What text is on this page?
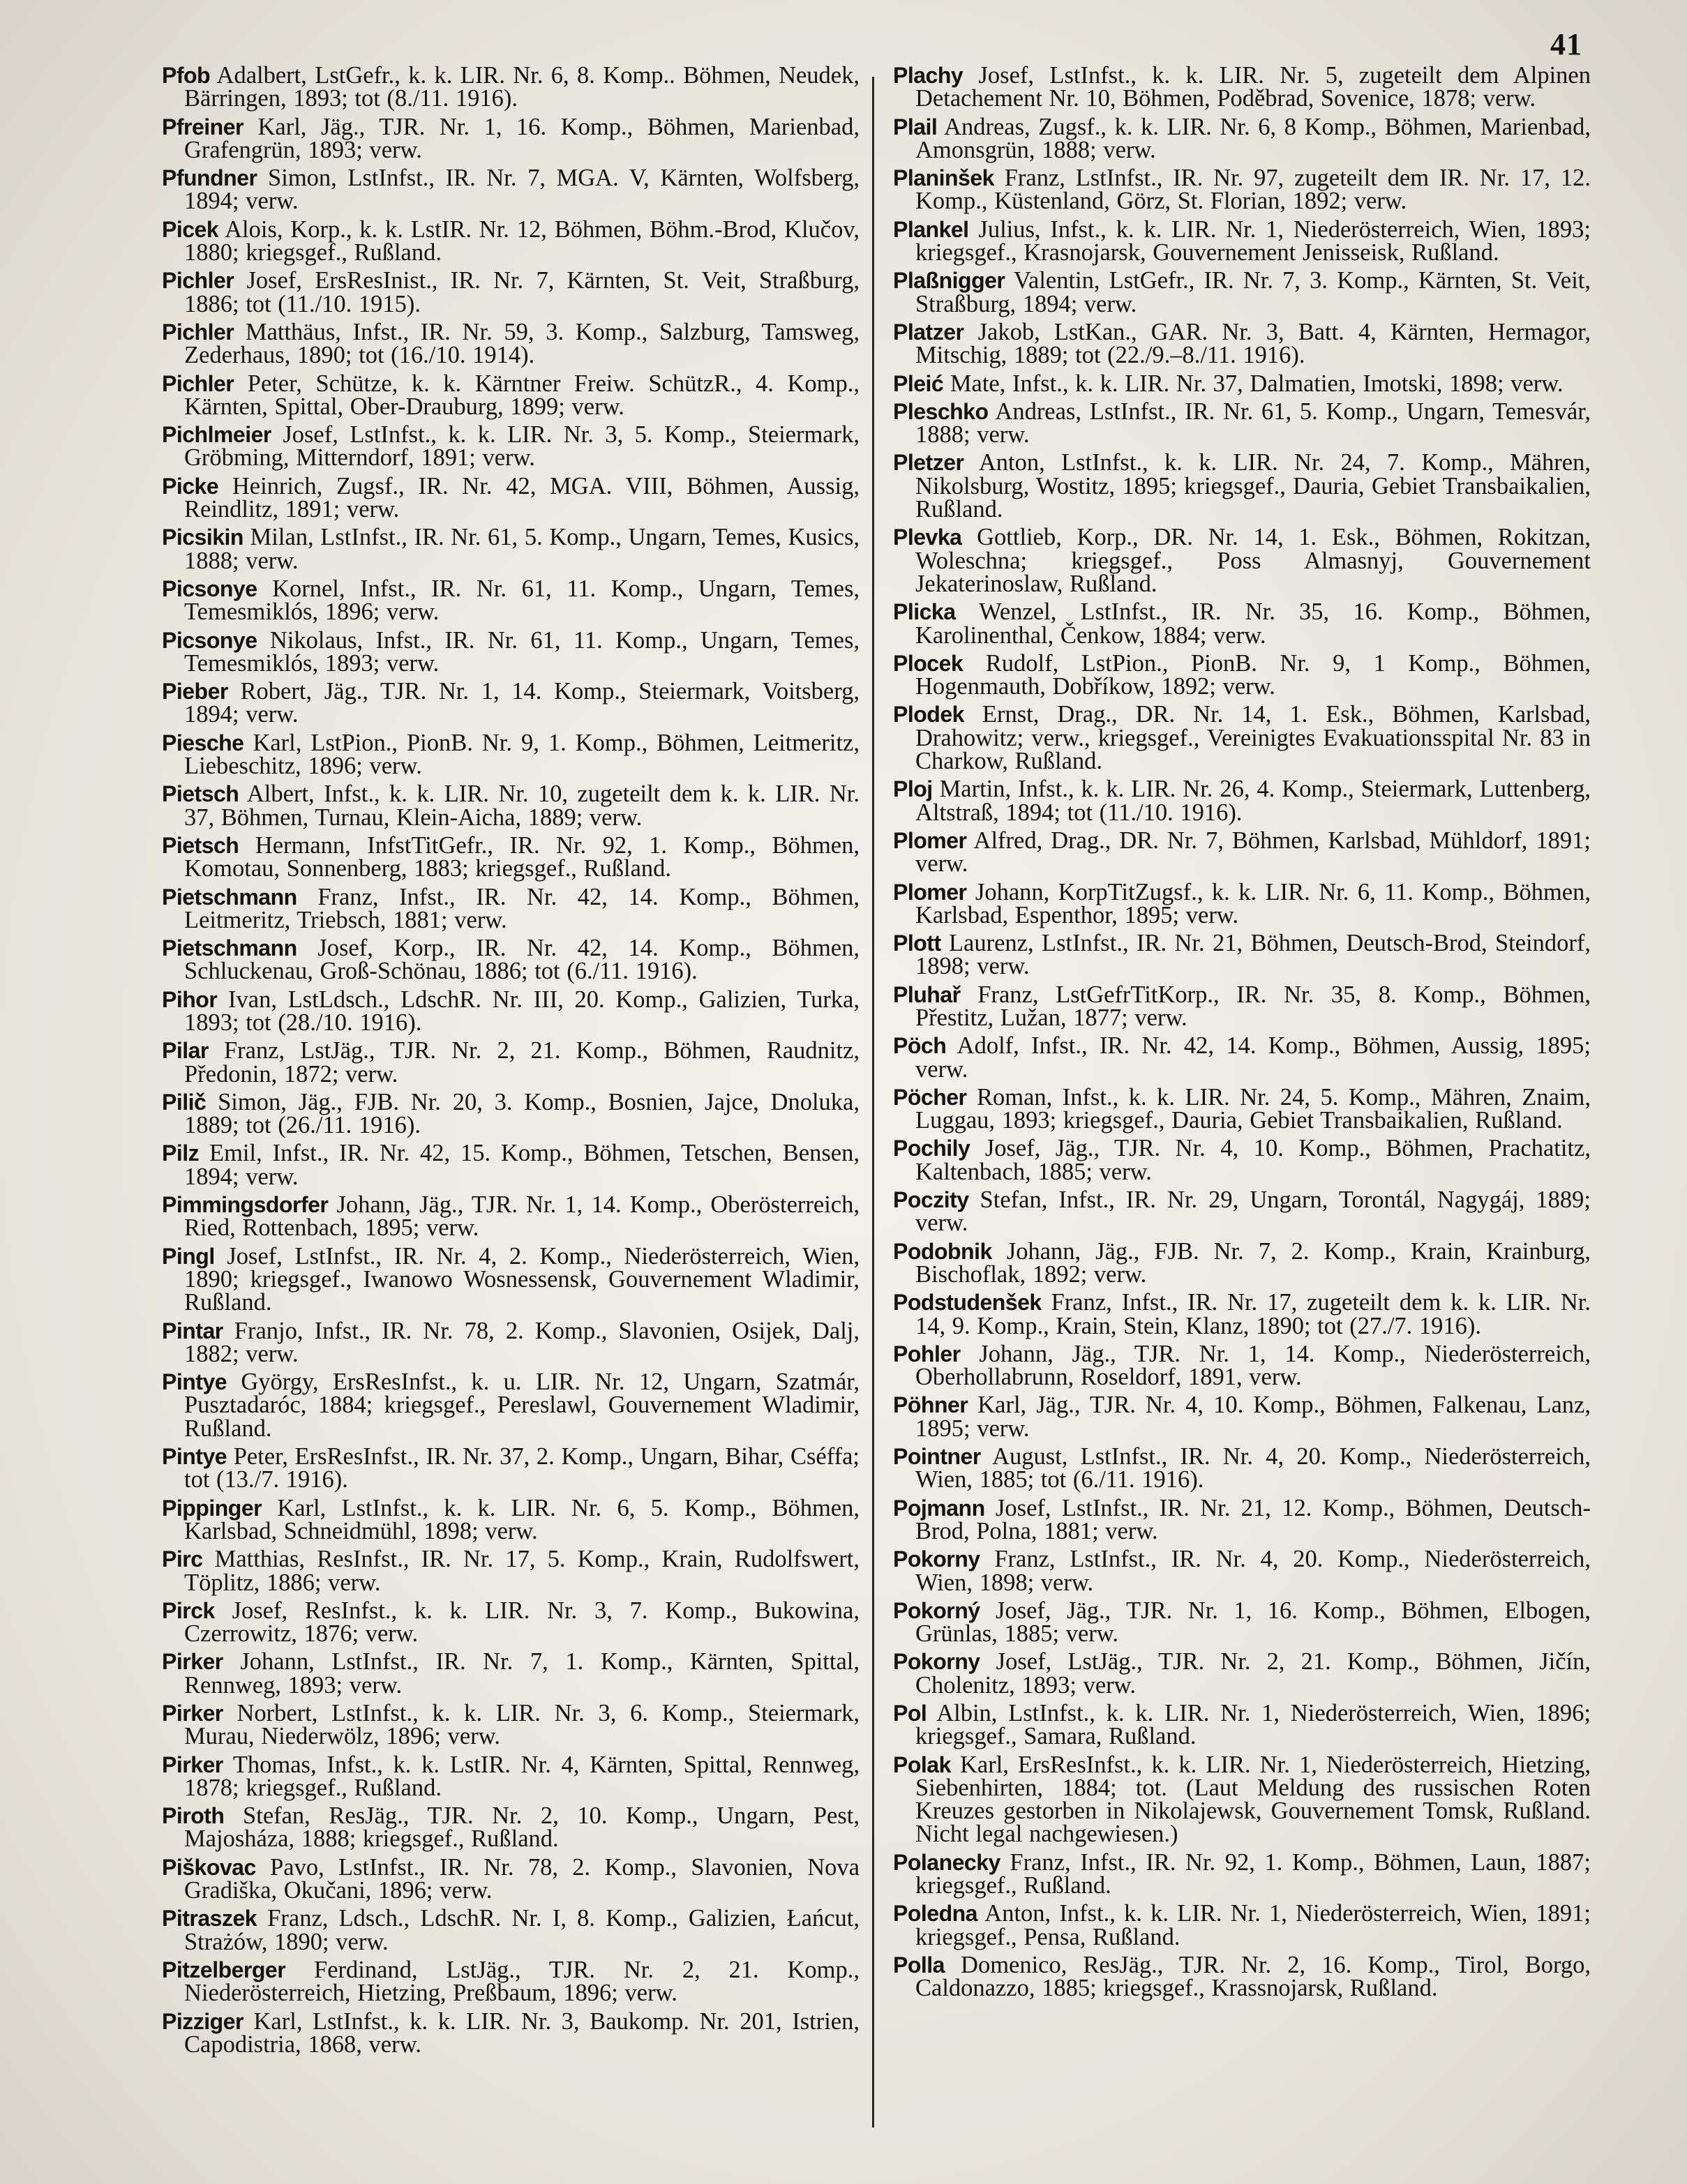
41

Pfob Adalbert, LstGefr., k. k. LIR. Nr. 6, 8. Komp.. Böhmen, Neudek, Bärringen, 1893; tot (8./11. 1916).

Pfreiner Karl, Jäg., TJR. Nr. 1, 16. Komp., Böhmen, Marienbad, Grafengrün, 1893; verw.

Pfundner Simon, LstInfst., IR. Nr. 7, MGA. V, Kärnten, Wolfsberg, 1894; verw.

Picek Alois, Korp., k. k. LstIR. Nr. 12, Böhmen, Böhm.-Brod, Klučov, 1880; kriegsgef., Rußland.

Pichler Josef, ErsResInist., IR. Nr. 7, Kärnten, St. Veit, Straßburg, 1886; tot (11./10. 1915).

Pichler Matthäus, Infst., IR. Nr. 59, 3. Komp., Salzburg, Tamsweg, Zederhaus, 1890; tot (16./10. 1914).

Pichler Peter, Schütze, k. k. Kärntner Freiw. SchützR., 4. Komp., Kärnten, Spittal, Ober-Drauburg, 1899; verw.

Pichlmeier Josef, LstInfst., k. k. LIR. Nr. 3, 5. Komp., Steiermark, Gröbming, Mitterndorf, 1891; verw.

Picke Heinrich, Zugsf., IR. Nr. 42, MGA. VIII, Böhmen, Aussig, Reindlitz, 1891; verw.

Picsikin Milan, LstInfst., IR. Nr. 61, 5. Komp., Ungarn, Temes, Kusics, 1888; verw.

Picsonye Kornel, Infst., IR. Nr. 61, 11. Komp., Ungarn, Temes, Temesmiklós, 1896; verw.

Picsonye Nikolaus, Infst., IR. Nr. 61, 11. Komp., Ungarn, Temes, Temesmiklós, 1893; verw.

Pieber Robert, Jäg., TJR. Nr. 1, 14. Komp., Steiermark, Voitsberg, 1894; verw.

Piesche Karl, LstPion., PionB. Nr. 9, 1. Komp., Böhmen, Leitmeritz, Liebeschitz, 1896; verw.

Pietsch Albert, Infst., k. k. LIR. Nr. 10, zugeteilt dem k. k. LIR. Nr. 37, Böhmen, Turnau, Klein-Aicha, 1889; verw.

Pietsch Hermann, InfstTitGefr., IR. Nr. 92, 1. Komp., Böhmen, Komotau, Sonnenberg, 1883; kriegsgef., Rußland.

Pietschmann Franz, Infst., IR. Nr. 42, 14. Komp., Böhmen, Leitmeritz, Triebsch, 1881; verw.

Pietschmann Josef, Korp., IR. Nr. 42, 14. Komp., Böhmen, Schluckenau, Groß-Schönau, 1886; tot (6./11. 1916).

Pihor Ivan, LstLdsch., LdschR. Nr. III, 20. Komp., Galizien, Turka, 1893; tot (28./10. 1916).

Pilar Franz, LstJäg., TJR. Nr. 2, 21. Komp., Böhmen, Raudnitz, Předonin, 1872; verw.

Pilič Simon, Jäg., FJB. Nr. 20, 3. Komp., Bosnien, Jajce, Dnoluka, 1889; tot (26./11. 1916).

Pilz Emil, Infst., IR. Nr. 42, 15. Komp., Böhmen, Tetschen, Bensen, 1894; verw.

Pimmingsdorfer Johann, Jäg., TJR. Nr. 1, 14. Komp., Oberösterreich, Ried, Rottenbach, 1895; verw.

Pingl Josef, LstInfst., IR. Nr. 4, 2. Komp., Niederösterreich, Wien, 1890; kriegsgef., Iwanowo Wosnessensk, Gouvernement Wladimir, Rußland.

Pintar Franjo, Infst., IR. Nr. 78, 2. Komp., Slavonien, Osijek, Dalj, 1882; verw.

Pintye György, ErsResInfst., k. u. LIR. Nr. 12, Ungarn, Szatmár, Pusztadaróc, 1884; kriegsgef., Pereslawl, Gouvernement Wladimir, Rußland.

Pintye Peter, ErsResInfst., IR. Nr. 37, 2. Komp., Ungarn, Bihar, Cséffa; tot (13./7. 1916).

Pippinger Karl, LstInfst., k. k. LIR. Nr. 6, 5. Komp., Böhmen, Karlsbad, Schneidmühl, 1898; verw.

Pirc Matthias, ResInfst., IR. Nr. 17, 5. Komp., Krain, Rudolfswert, Töplitz, 1886; verw.

Pirck Josef, ResInfst., k. k. LIR. Nr. 3, 7. Komp., Bukowina, Czerrowitz, 1876; verw.

Pirker Johann, LstInfst., IR. Nr. 7, 1. Komp., Kärnten, Spittal, Rennweg, 1893; verw.

Pirker Norbert, LstInfst., k. k. LIR. Nr. 3, 6. Komp., Steiermark, Murau, Niederwölz, 1896; verw.

Pirker Thomas, Infst., k. k. LstIR. Nr. 4, Kärnten, Spittal, Rennweg, 1878; kriegsgef., Rußland.

Piroth Stefan, ResJäg., TJR. Nr. 2, 10. Komp., Ungarn, Pest, Majosháza, 1888; kriegsgef., Rußland.

Piškovac Pavo, LstInfst., IR. Nr. 78, 2. Komp., Slavonien, Nova Gradiška, Okučani, 1896; verw.

Pitraszek Franz, Ldsch., LdschR. Nr. I, 8. Komp., Galizien, Łańcut, Strażów, 1890; verw.

Pitzelberger Ferdinand, LstJäg., TJR. Nr. 2, 21. Komp., Niederösterreich, Hietzing, Preßbaum, 1896; verw.

Pizziger Karl, LstInfst., k. k. LIR. Nr. 3, Baukomp. Nr. 201, Istrien, Capodistria, 1868, verw.

Plachy Josef, LstInfst., k. k. LIR. Nr. 5, zugeteilt dem Alpinen Detachement Nr. 10, Böhmen, Poděbrad, Sovenice, 1878; verw.

Plail Andreas, Zugsf., k. k. LIR. Nr. 6, 8 Komp., Böhmen, Marienbad, Amonsgrün, 1888; verw.

Planinšek Franz, LstInfst., IR. Nr. 97, zugeteilt dem IR. Nr. 17, 12. Komp., Küstenland, Görz, St. Florian, 1892; verw.

Plankel Julius, Infst., k. k. LIR. Nr. 1, Niederösterreich, Wien, 1893; kriegsgef., Krasnojarsk, Gouvernement Jenisseisk, Rußland.

Plaßnigger Valentin, LstGefr., IR. Nr. 7, 3. Komp., Kärnten, St. Veit, Straßburg, 1894; verw.

Platzer Jakob, LstKan., GAR. Nr. 3, Batt. 4, Kärnten, Hermagor, Mitschig, 1889; tot (22./9.–8./11. 1916).

Pleić Mate, Infst., k. k. LIR. Nr. 37, Dalmatien, Imotski, 1898; verw.

Pleschko Andreas, LstInfst., IR. Nr. 61, 5. Komp., Ungarn, Temesvár, 1888; verw.

Pletzer Anton, LstInfst., k. k. LIR. Nr. 24, 7. Komp., Mähren, Nikolsburg, Wostitz, 1895; kriegsgef., Dauria, Gebiet Transbaikalien, Rußland.

Plevka Gottlieb, Korp., DR. Nr. 14, 1. Esk., Böhmen, Rokitzan, Woleschna; kriegsgef., Poss Almasnyj, Gouvernement Jekaterinoslaw, Rußland.

Plicka Wenzel, LstInfst., IR. Nr. 35, 16. Komp., Böhmen, Karolinenthal, Čenkow, 1884; verw.

Plocek Rudolf, LstPion., PionB. Nr. 9, 1 Komp., Böhmen, Hogenmauth, Dobříkow, 1892; verw.

Plodek Ernst, Drag., DR. Nr. 14, 1. Esk., Böhmen, Karlsbad, Drahowitz; verw., kriegsgef., Vereinigtes Evakuationsspital Nr. 83 in Charkow, Rußland.

Ploj Martin, Infst., k. k. LIR. Nr. 26, 4. Komp., Steiermark, Luttenberg, Altstraß, 1894; tot (11./10. 1916).

Plomer Alfred, Drag., DR. Nr. 7, Böhmen, Karlsbad, Mühldorf, 1891; verw.

Plomer Johann, KorpTitZugsf., k. k. LIR. Nr. 6, 11. Komp., Böhmen, Karlsbad, Espenthor, 1895; verw.

Plott Laurenz, LstInfst., IR. Nr. 21, Böhmen, Deutsch-Brod, Steindorf, 1898; verw.

Pluhař Franz, LstGefrTitKorp., IR. Nr. 35, 8. Komp., Böhmen, Přestitz, Lužan, 1877; verw.

Pöch Adolf, Infst., IR. Nr. 42, 14. Komp., Böhmen, Aussig, 1895; verw.

Pöcher Roman, Infst., k. k. LIR. Nr. 24, 5. Komp., Mähren, Znaim, Luggau, 1893; kriegsgef., Dauria, Gebiet Transbaikalien, Rußland.

Pochily Josef, Jäg., TJR. Nr. 4, 10. Komp., Böhmen, Prachatitz, Kaltenbach, 1885; verw.

Poczity Stefan, Infst., IR. Nr. 29, Ungarn, Torontál, Nagygáj, 1889; verw.

Podobnik Johann, Jäg., FJB. Nr. 7, 2. Komp., Krain, Krainburg, Bischoflak, 1892; verw.

Podstudenšek Franz, Infst., IR. Nr. 17, zugeteilt dem k. k. LIR. Nr. 14, 9. Komp., Krain, Stein, Klanz, 1890; tot (27./7. 1916).

Pohler Johann, Jäg., TJR. Nr. 1, 14. Komp., Niederösterreich, Oberhollabrunn, Roseldorf, 1891, verw.

Pöhner Karl, Jäg., TJR. Nr. 4, 10. Komp., Böhmen, Falkenau, Lanz, 1895; verw.

Pointner August, LstInfst., IR. Nr. 4, 20. Komp., Niederösterreich, Wien, 1885; tot (6./11. 1916).

Pojmann Josef, LstInfst., IR. Nr. 21, 12. Komp., Böhmen, Deutsch-Brod, Polna, 1881; verw.

Pokorny Franz, LstInfst., IR. Nr. 4, 20. Komp., Niederösterreich, Wien, 1898; verw.

Pokorný Josef, Jäg., TJR. Nr. 1, 16. Komp., Böhmen, Elbogen, Grünlas, 1885; verw.

Pokorny Josef, LstJäg., TJR. Nr. 2, 21. Komp., Böhmen, Jičín, Cholenitz, 1893; verw.

Pol Albin, LstInfst., k. k. LIR. Nr. 1, Niederösterreich, Wien, 1896; kriegsgef., Samara, Rußland.

Polak Karl, ErsResInfst., k. k. LIR. Nr. 1, Niederösterreich, Hietzing, Siebenhirten, 1884; tot. (Laut Meldung des russischen Roten Kreuzes gestorben in Nikolajewsk, Gouvernement Tomsk, Rußland. Nicht legal nachgewiesen.)

Polanecky Franz, Infst., IR. Nr. 92, 1. Komp., Böhmen, Laun, 1887; kriegsgef., Rußland.

Poledna Anton, Infst., k. k. LIR. Nr. 1, Niederösterreich, Wien, 1891; kriegsgef., Pensa, Rußland.

Polla Domenico, ResJäg., TJR. Nr. 2, 16. Komp., Tirol, Borgo, Caldonazzo, 1885; kriegsgef., Krassnojarsk, Rußland.
